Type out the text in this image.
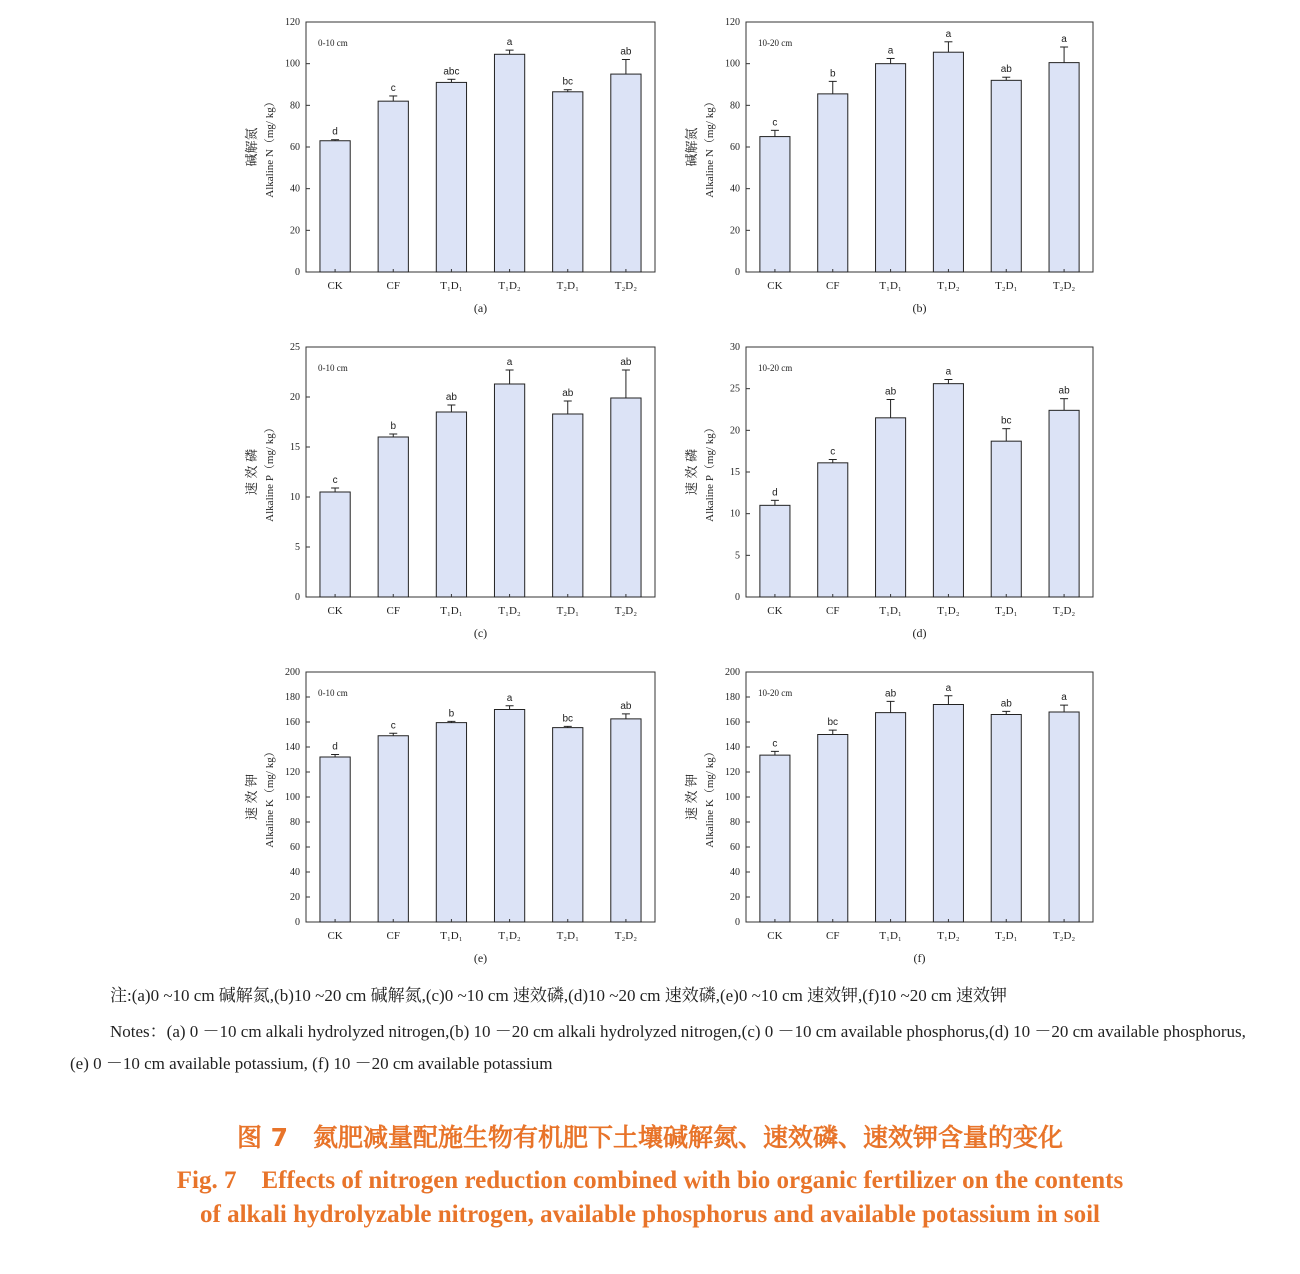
0
20
40
60
80
100
120
d
CK
c
CF
abc
T₁D₁
a
T₁D₂
bc
T₂D₁
ab
T₂D₂
0-10 cm
(a)
碱解氮 Alkaline N（mg/ kg）
0
20
40
60
80
100
120
c
CK
b
CF
a
T₁D₁
a
T₁D₂
ab
T₂D₁
a
T₂D₂
10-20 cm
(b)
碱解氮 Alkaline N（mg/ kg）
0
5
10
15
20
25
c
CK
b
CF
ab
T₁D₁
a
T₁D₂
ab
T₂D₁
ab
T₂D₂
0-10 cm
(c)
速 效 磷 Alkaline P（mg/ kg）
0
5
10
15
20
25
30
d
CK
c
CF
ab
T₁D₁
a
T₁D₂
bc
T₂D₁
ab
T₂D₂
10-20 cm
(d)
速 效 磷 Alkaline P（mg/ kg）
0
20
40
60
80
100
120
140
160
180
200
d
CK
c
CF
b
T₁D₁
a
T₁D₂
bc
T₂D₁
ab
T₂D₂
0-10 cm
(e)
速 效 钾 Alkaline K（mg/ kg）
0
20
40
60
80
100
120
140
160
180
200
c
CK
bc
CF
ab
T₁D₁
a
T₁D₂
ab
T₂D₁
a
T₂D₂
10-20 cm
(f)
速 效 钾 Alkaline K（mg/ kg）

注:(a)0 ~10 cm 碱解氮,(b)10 ~20 cm 碱解氮,(c)0 ~10 cm 速效磷,(d)10 ~20 cm 速效磷,(e)0 ~10 cm 速效钾,(f)10 ~20 cm 速效钾

Notes：(a) 0 －10 cm alkali hydrolyzed nitrogen,(b) 10 －20 cm alkali hydrolyzed nitrogen,(c) 0 －10 cm available phosphorus,(d) 10 －20 cm available phosphorus, (e) 0 －10 cm available potassium, (f) 10 －20 cm available potassium

图 7　氮肥减量配施生物有机肥下土壤碱解氮、速效磷、速效钾含量的变化
Fig. 7　Effects of nitrogen reduction combined with bio organic fertilizer on the contents
of alkali hydrolyzable nitrogen, available phosphorus and available potassium in soil
